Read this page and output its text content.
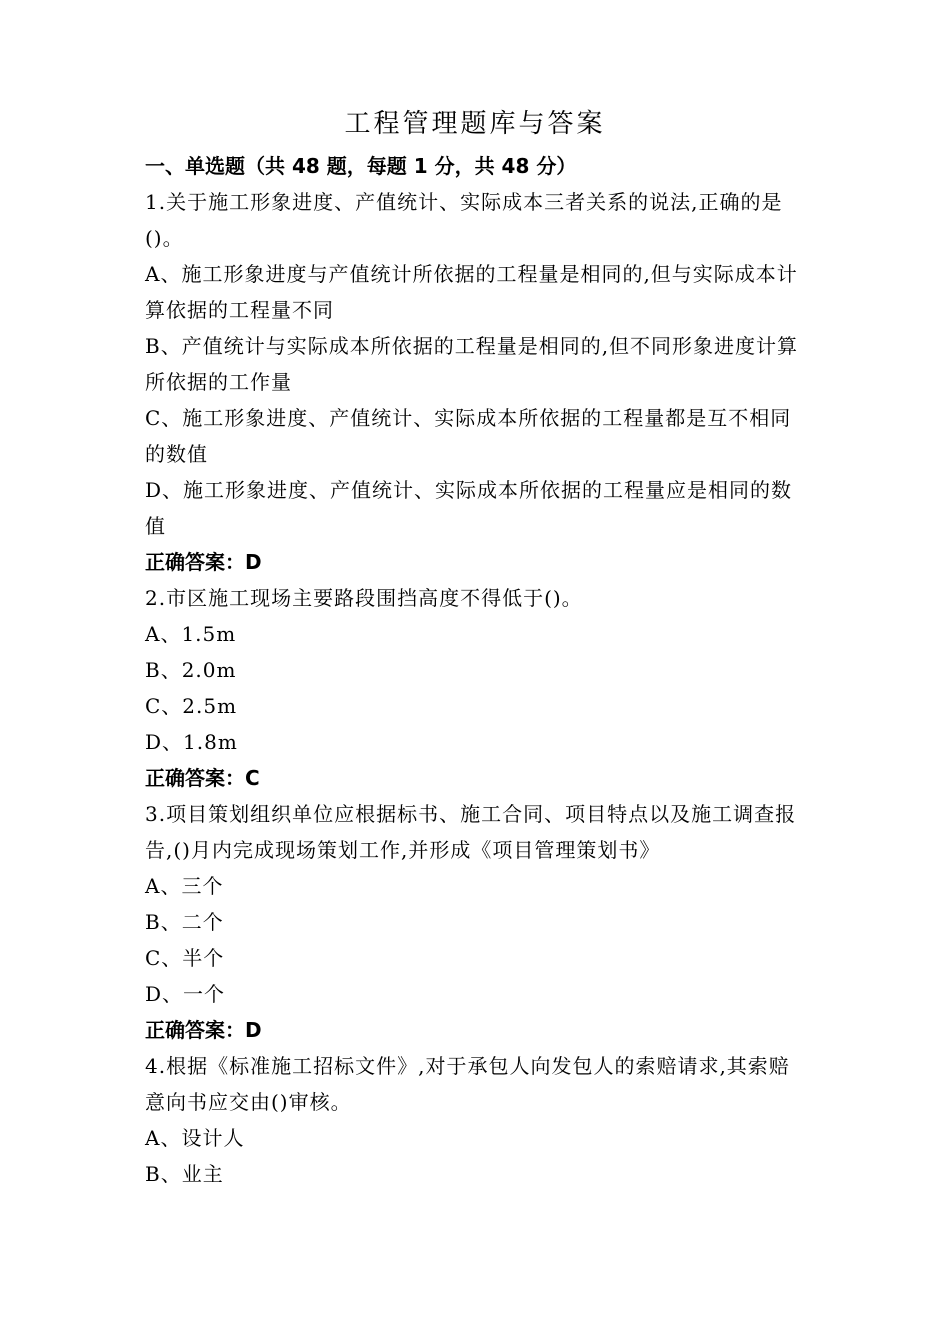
工程管理题库与答案

一、单选题（共 48 题，每题 1 分，共 48 分）

1.关于施工形象进度、产值统计、实际成本三者关系的说法,正确的是()。

A、施工形象进度与产值统计所依据的工程量是相同的,但与实际成本计算依据的工程量不同

B、产值统计与实际成本所依据的工程量是相同的,但不同形象进度计算所依据的工作量

C、施工形象进度、产值统计、实际成本所依据的工程量都是互不相同的数值

D、施工形象进度、产值统计、实际成本所依据的工程量应是相同的数值

正确答案：D

2.市区施工现场主要路段围挡高度不得低于()。

A、1.5m

B、2.0m

C、2.5m

D、1.8m

正确答案：C

3.项目策划组织单位应根据标书、施工合同、项目特点以及施工调查报告,()月内完成现场策划工作,并形成《项目管理策划书》

A、三个

B、二个

C、半个

D、一个

正确答案：D

4.根据《标准施工招标文件》,对于承包人向发包人的索赔请求,其索赔意向书应交由()审核。

A、设计人

B、业主
